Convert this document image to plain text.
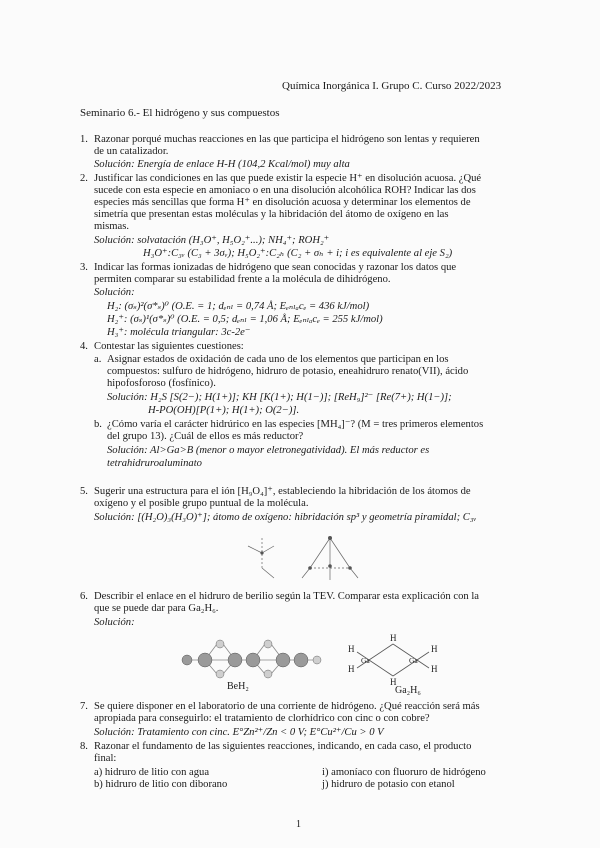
Química Inorgánica I. Grupo C. Curso 2022/2023
Seminario 6.- El hidrógeno y sus compuestos
1. Razonar porqué muchas reacciones en las que participa el hidrógeno son lentas y requieren
de un catalizador.
Solución: Energía de enlace H-H (104,2 Kcal/mol) muy alta
2. Justificar las condiciones en las que puede existir la especie H⁺ en disolución acuosa. ¿Qué
sucede con esta especie en amoniaco o en una disolución alcohólica ROH? Indicar las dos
especies más sencillas que forma H⁺ en disolución acuosa y determinar los elementos de
simetría que presentan estas moléculas y la hibridación del átomo de oxígeno en las
mismas.
Solución: solvatación (H₃O⁺, H₅O₂⁺...); NH₄⁺; ROH₂⁺
H₃O⁺:C₃ᵥ (C₃ + 3σᵥ); H₅O₂⁺:C₂ₕ (C₂ + σₕ + i; i es equivalente al eje S₂)
3. Indicar las formas ionizadas de hidrógeno que sean conocidas y razonar los datos que
permiten comparar su estabilidad frente a la molécula de dihidrógeno.
Solución:
H₂: (σₛ)²(σ*ₛ)⁰ (O.E. = 1; dₑₙₗ = 0,74 Å; Eₑₙₗₐcₑ = 436 kJ/mol)
H₂⁺: (σₛ)¹(σ*ₛ)⁰ (O.E. = 0,5; dₑₙₗ = 1,06 Å; Eₑₙₗₐcₑ = 255 kJ/mol)
H₃⁺: molécula triangular: 3c-2e⁻
4. Contestar las siguientes cuestiones:
a. Asignar estados de oxidación de cada uno de los elementos que participan en los
compuestos: sulfuro de hidrógeno, hidruro de potasio, eneahidruro renato(VII), ácido
hipofosforoso (fosfínico).
Solución: H₂S [S(2−); H(1+)]; KH [K(1+); H(1−)]; [ReH₉]²⁻ [Re(7+); H(1−)];
H-PO(OH)[P(1+); H(1+); O(2−)].
b. ¿Cómo varía el carácter hidrúrico en las especies [MH₄]⁻? (M = tres primeros elementos
del grupo 13). ¿Cuál de ellos es más reductor?
Solución: Al>Ga>B (menor o mayor eletronegatividad). El más reductor es
tetrahidruroaluminato
5. Sugerir una estructura para el ión [H₉O₄]⁺, estableciendo la hibridación de los átomos de
oxígeno y el posible grupo puntual de la molécula.
Solución: [(H₂O)₃(H₃O)⁺]; átomo de oxígeno: hibridación sp³ y geometría piramidal; C₃ᵥ
6. Describir el enlace en el hidruro de berilio según la TEV. Comparar esta explicación con la
que se puede dar para Ga₂H₆.
Solución:
BeH₂
H
H
H
H
H
H
Ga	Ga
Ga₂H₆
7. Se quiere disponer en el laboratorio de una corriente de hidrógeno. ¿Qué reacción será más
apropiada para conseguirlo: el tratamiento de clorhídrico con cinc o con cobre?
Solución: Tratamiento con cinc. E°Zn²⁺/Zn < 0 V; E°Cu²⁺/Cu > 0 V
8. Razonar el fundamento de las siguientes reacciones, indicando, en cada caso, el producto
final:
a) hidruro de litio con agua
b) hidruro de litio con diborano
i) amoníaco con fluoruro de hidrógeno
j) hidruro de potasio con etanol
1
